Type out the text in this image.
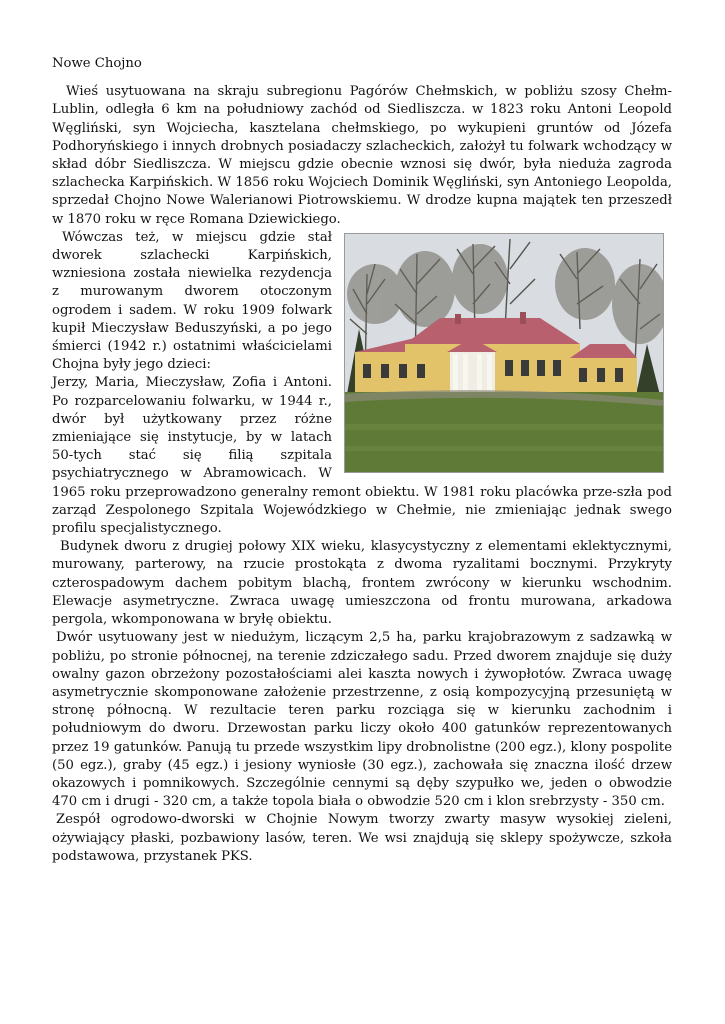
Nowe Chojno

Wieś usytuowana na skraju subregionu Pagórów Chełmskich, w pobliżu szosy Chełm-Lublin, odległa 6 km na południowy zachód od Siedliszcza. w 1823 roku Antoni Leopold Węgliński, syn Wojciecha, kasztelana chełmskiego, po wykupieni gruntów od Józefa Podhoryńskiego i innych drobnych posiadaczy szlacheckich, założył tu folwark wchodzący w skład dóbr Siedliszcza. W miejscu gdzie obecnie wznosi się dwór, była nieduża zagroda szlachecka Karpińskich. W 1856 roku Wojciech Dominik Węgliński, syn Antoniego Leopolda, sprzedał Chojno Nowe Walerianowi Piotrowskiemu. W drodze kupna majątek ten przeszedł w 1870 roku w ręce Romana Dziewickiego.

Wówczas też, w miejscu gdzie stał dworek szlachecki Karpińskich, wzniesiona została niewielka rezydencja z murowanym dworem otoczonym ogrodem i sadem. W roku 1909 folwark kupił Mieczysław Beduszyński, a po jego śmierci (1942 r.) ostatnimi właścicielami Chojna były jego dzieci:

Jerzy, Maria, Mieczysław, Zofia i Antoni. Po rozparcelowaniu folwarku, w 1944 r., dwór był użytkowany przez różne zmieniające się instytucje, by w latach 50-tych stać się filią szpitala psychiatrycznego w Abramowicach. W 1965 roku przeprowadzono generalny remont obiektu. W 1981 roku placówka prze-szła pod zarząd Zespolonego Szpitala Wojewódzkiego w Chełmie, nie zmieniając jednak swego profilu specjalistycznego.

Budynek dworu z drugiej połowy XIX wieku, klasycystyczny z elementami eklektycznymi, murowany, parterowy, na rzucie prostokąta z dwoma ryzalitami bocznymi. Przykryty czterospadowym dachem pobitym blachą, frontem zwrócony w kierunku wschodnim. Elewacje asymetryczne. Zwraca uwagę umieszczona od frontu murowana, arkadowa pergola, wkomponowana w bryłę obiektu.

Dwór usytuowany jest w niedużym, liczącym 2,5 ha, parku krajobrazowym z sadzawką w pobliżu, po stronie północnej, na terenie zdziczałego sadu. Przed dworem znajduje się duży owalny gazon obrzeżony pozostałościami alei kaszta nowych i żywopłotów. Zwraca uwagę asymetrycznie skomponowane założenie przestrzenne, z osią kompozycyjną przesuniętą w stronę północną. W rezultacie teren parku rozciąga się w kierunku zachodnim i południowym do dworu. Drzewostan parku liczy około 400 gatunków reprezentowanych przez 19 gatunków. Panują tu przede wszystkim lipy drobnolistne (200 egz.), klony pospolite (50 egz.), graby (45 egz.) i jesiony wyniosłe (30 egz.), zachowała się znaczna ilość drzew okazowych i pomnikowych. Szczególnie cennymi są dęby szypułko we, jeden o obwodzie 470 cm i drugi - 320 cm, a także topola biała o obwodzie 520 cm i klon srebrzysty - 350 cm.

Zespół ogrodowo-dworski w Chojnie Nowym tworzy zwarty masyw wysokiej zieleni, ożywiający płaski, pozbawiony lasów, teren. We wsi znajdują się sklepy spożywcze, szkoła podstawowa, przystanek PKS.
